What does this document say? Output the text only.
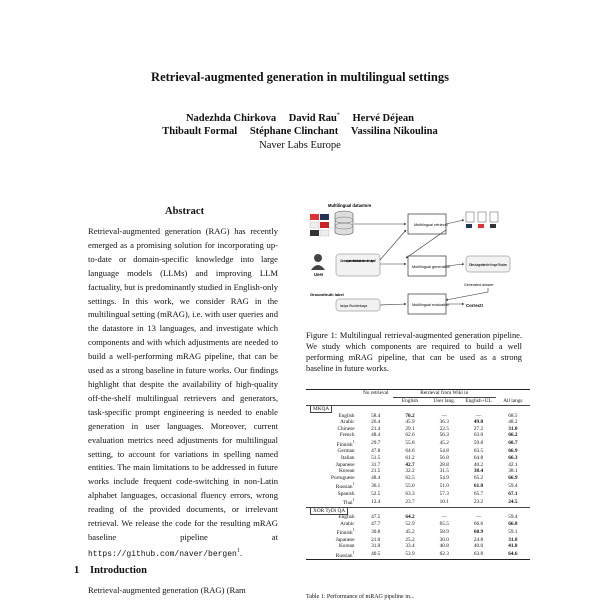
Retrieval-augmented generation in multilingual settings
Nadezhda Chirkova David Rau* Hervé Déjean
Thibault Formal Stéphane Clinchant Vassilina Nikoulina
Naver Labs Europe
Abstract
Retrieval-augmented generation (RAG) has recently emerged as a promising solution for incorporating up-to-date or domain-specific knowledge into large language models (LLMs) and improving LLM factuality, but is predominantly studied in English-only settings. In this work, we consider RAG in the multilingual setting (mRAG), i.e. with user queries and the datastore in 13 languages, and investigate which components and with which adjustments are needed to build a well-performing mRAG pipeline, that can be used as a strong baseline in future works. Our findings highlight that despite the availability of high-quality off-the-shelf multilingual retrievers and generators, task-specific prompt engineering is needed to enable generation in user languages. Moreover, current evaluation metrics need adjustments for multilingual setting, to account for variations in spelling named entities. The main limitations to be addressed in future works include frequent code-switching in non-Latin alphabet languages, occasional fluency errors, wrong reading of the provided documents, or irrelevant retrieval. We release the code for the resulting mRAG baseline pipeline at https://github.com/naver/bergen$^1$.
1 Introduction
Retrieval-augmented generation (RAG) (Ram
Multilingual datastore
User
Comment parviennent les étudiants à réussir en mathématiques ?
Multilingual retrieval
Multilingual generation
Multilingual evaluation
Elles s'appellent le Kenya Rhodes
Generated answer
Groundtruth label
Isidya Rundenkaya	Correct!
Figure 1: Multilingual retrieval-augmented generation pipeline. We study which components are required to build a well performing mRAG pipeline, that can be used as a strong baseline in future works.
	No retrieval	Retrieval from Wiki in			
		English	User lang.	English+UL	All langs
MKQA					
English	58.4	70.2	—	—	68.5
Arabic	26.4	45.9	36.3	49.0	48.2
Chinese	21.4	29.1	22.5	27.2	31.0
French	48.4	62.6	56.3	63.0	66.2
Finnish$^1$	29.7	55.8	45.2	59.8	60.7
German	47.8	64.6	54.8	63.5	66.9
Italian	51.5	61.2	56.8	64.8	66.3
Japanese	31.7	42.7	28.8	40.2	42.1
Korean	21.5	32.2	31.5	38.4	38.1
Portuguese	48.4	62.5	54.9	65.2	66.9
Russian$^1$	36.1	55.0	51.0	61.0	59.4
Spanish	52.5	63.3	57.3	65.7	67.1
Thai$^1$	12.4	23.7	10.1	23.2	24.5
XOR TyDi QA					
English	47.5	64.2	—	—	59.4
Arabic	47.7	52.9	65.5	66.6	66.8
Finnish$^1$	30.8	45.2	58.9	60.9	59.1
Japanese	21.0	25.2	30.0	24.8	31.8
Korean	31.0	33.4	40.8	40.0	41.8
Russian$^1$	40.5	53.9	62.3	63.8	64.6
Table 1: Performance of mRAG pipeline in...
